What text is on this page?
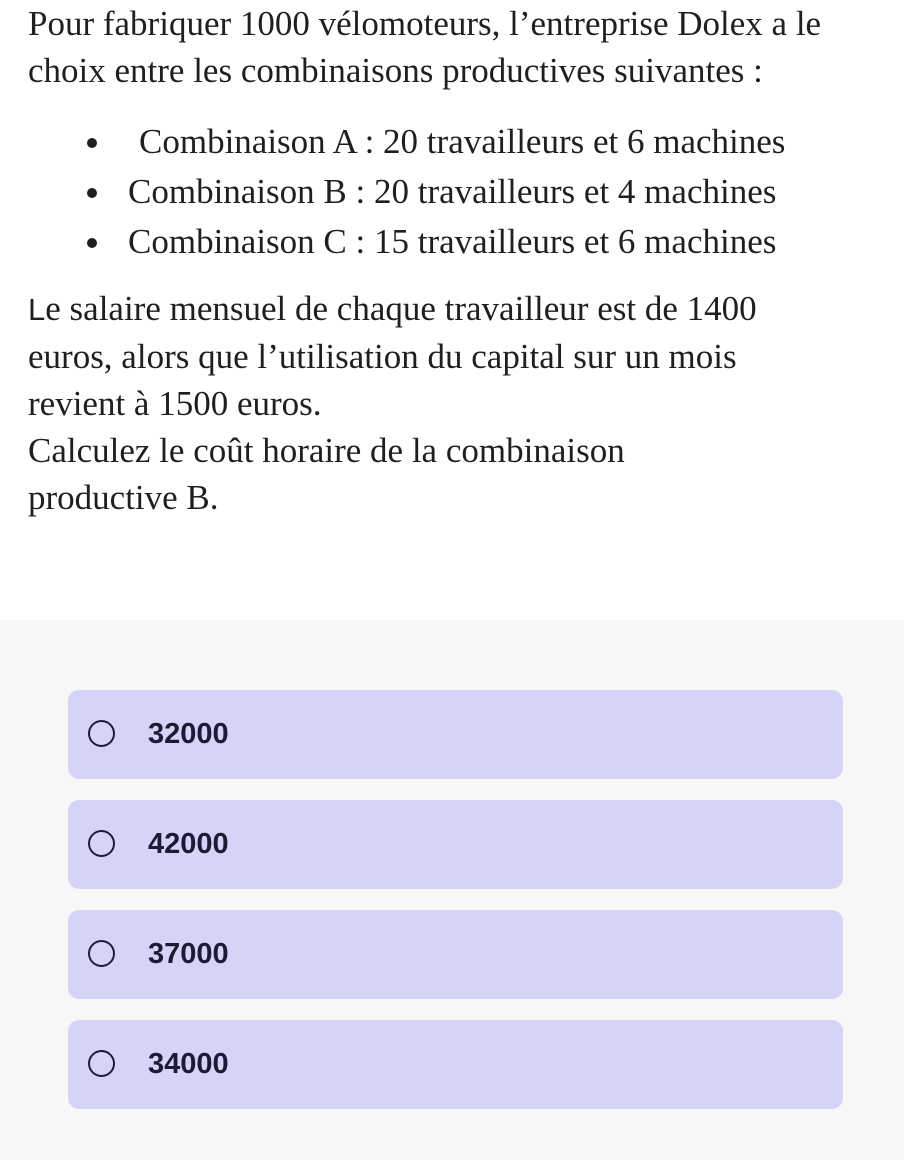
Pour fabriquer 1000 vélomoteurs, l’entreprise Dolex a le

choix entre les combinaisons productives suivantes :

Combinaison A : 20 travailleurs et 6 machines
Combinaison B : 20 travailleurs et 4 machines
Combinaison C : 15 travailleurs et 6 machines
Le salaire mensuel de chaque travailleur est de 1400
euros, alors que l’utilisation du capital sur un mois
revient à 1500 euros.
Calculez le coût horaire de la combinaison
productive B.
32000
42000
37000
34000
